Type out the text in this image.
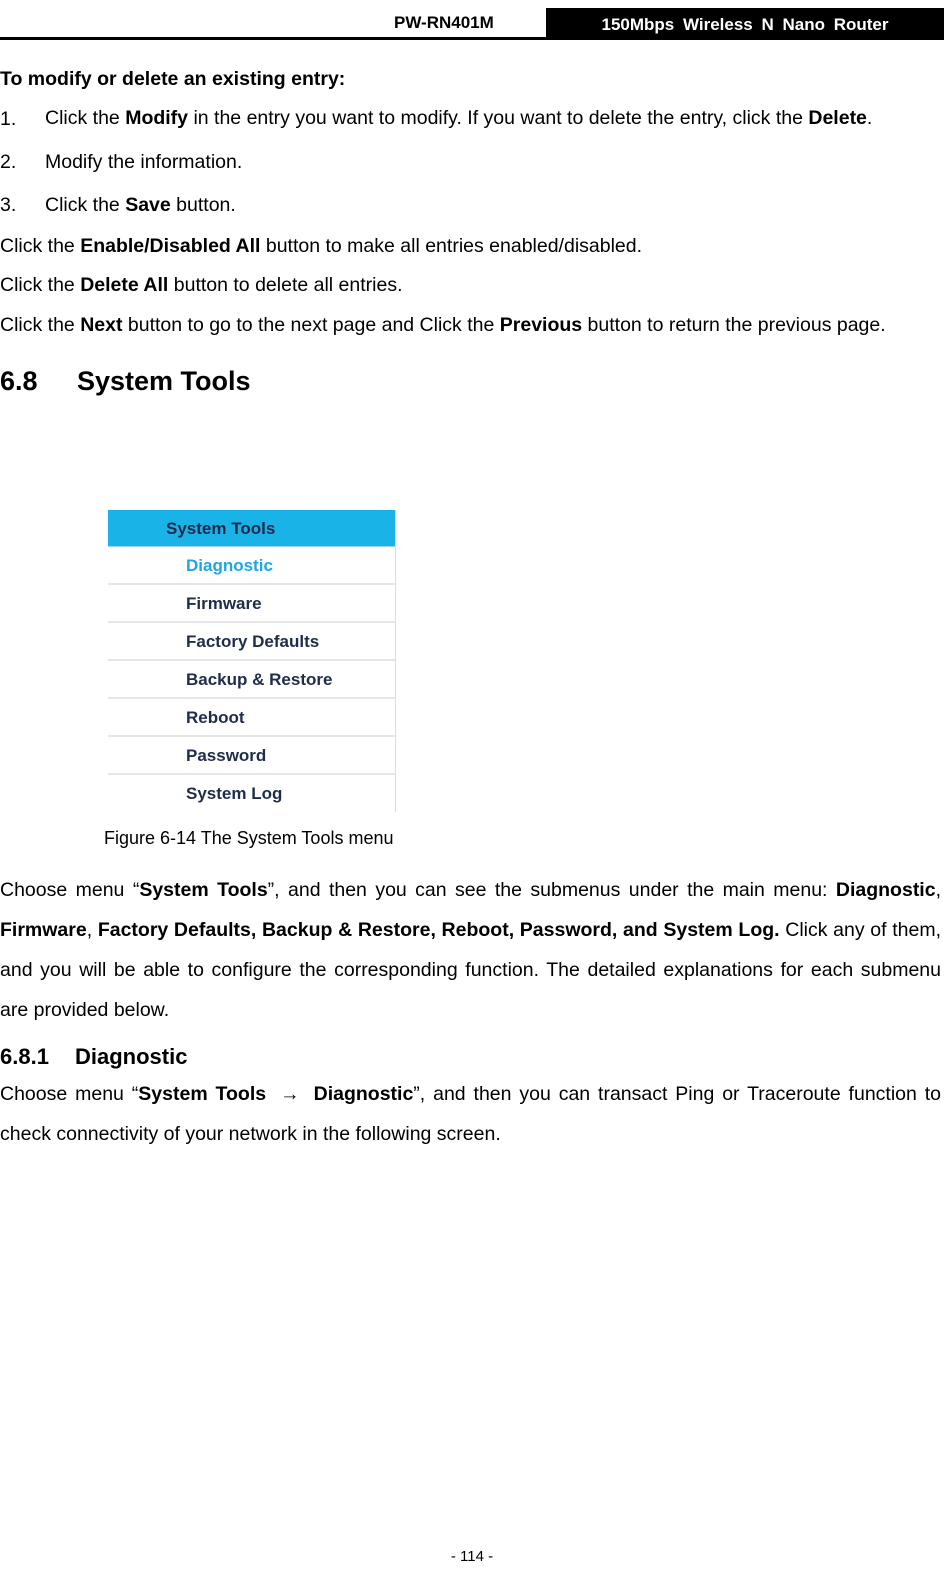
PW-RN401M	150Mbps Wireless N Nano Router

To modify or delete an existing entry:

1.	Click the Modify in the entry you want to modify. If you want to delete the entry, click the Delete.
2.	Modify the information.
3.	Click the Save button.

Click the Enable/Disabled All button to make all entries enabled/disabled.

Click the Delete All button to delete all entries.

Click the Next button to go to the next page and Click the Previous button to return the previous page.

6.8	System Tools
System Tools
Diagnostic
Firmware
Factory Defaults
Backup & Restore
Reboot
Password
System Log
Figure 6-14 The System Tools menu

Choose menu “System Tools”, and then you can see the submenus under the main menu: Diagnostic, Firmware, Factory Defaults, Backup & Restore, Reboot, Password, and System Log. Click any of them, and you will be able to configure the corresponding function. The detailed explanations for each submenu are provided below.

6.8.1	Diagnostic

Choose menu “System Tools → Diagnostic”, and then you can transact Ping or Traceroute function to check connectivity of your network in the following screen.

- 114 -
